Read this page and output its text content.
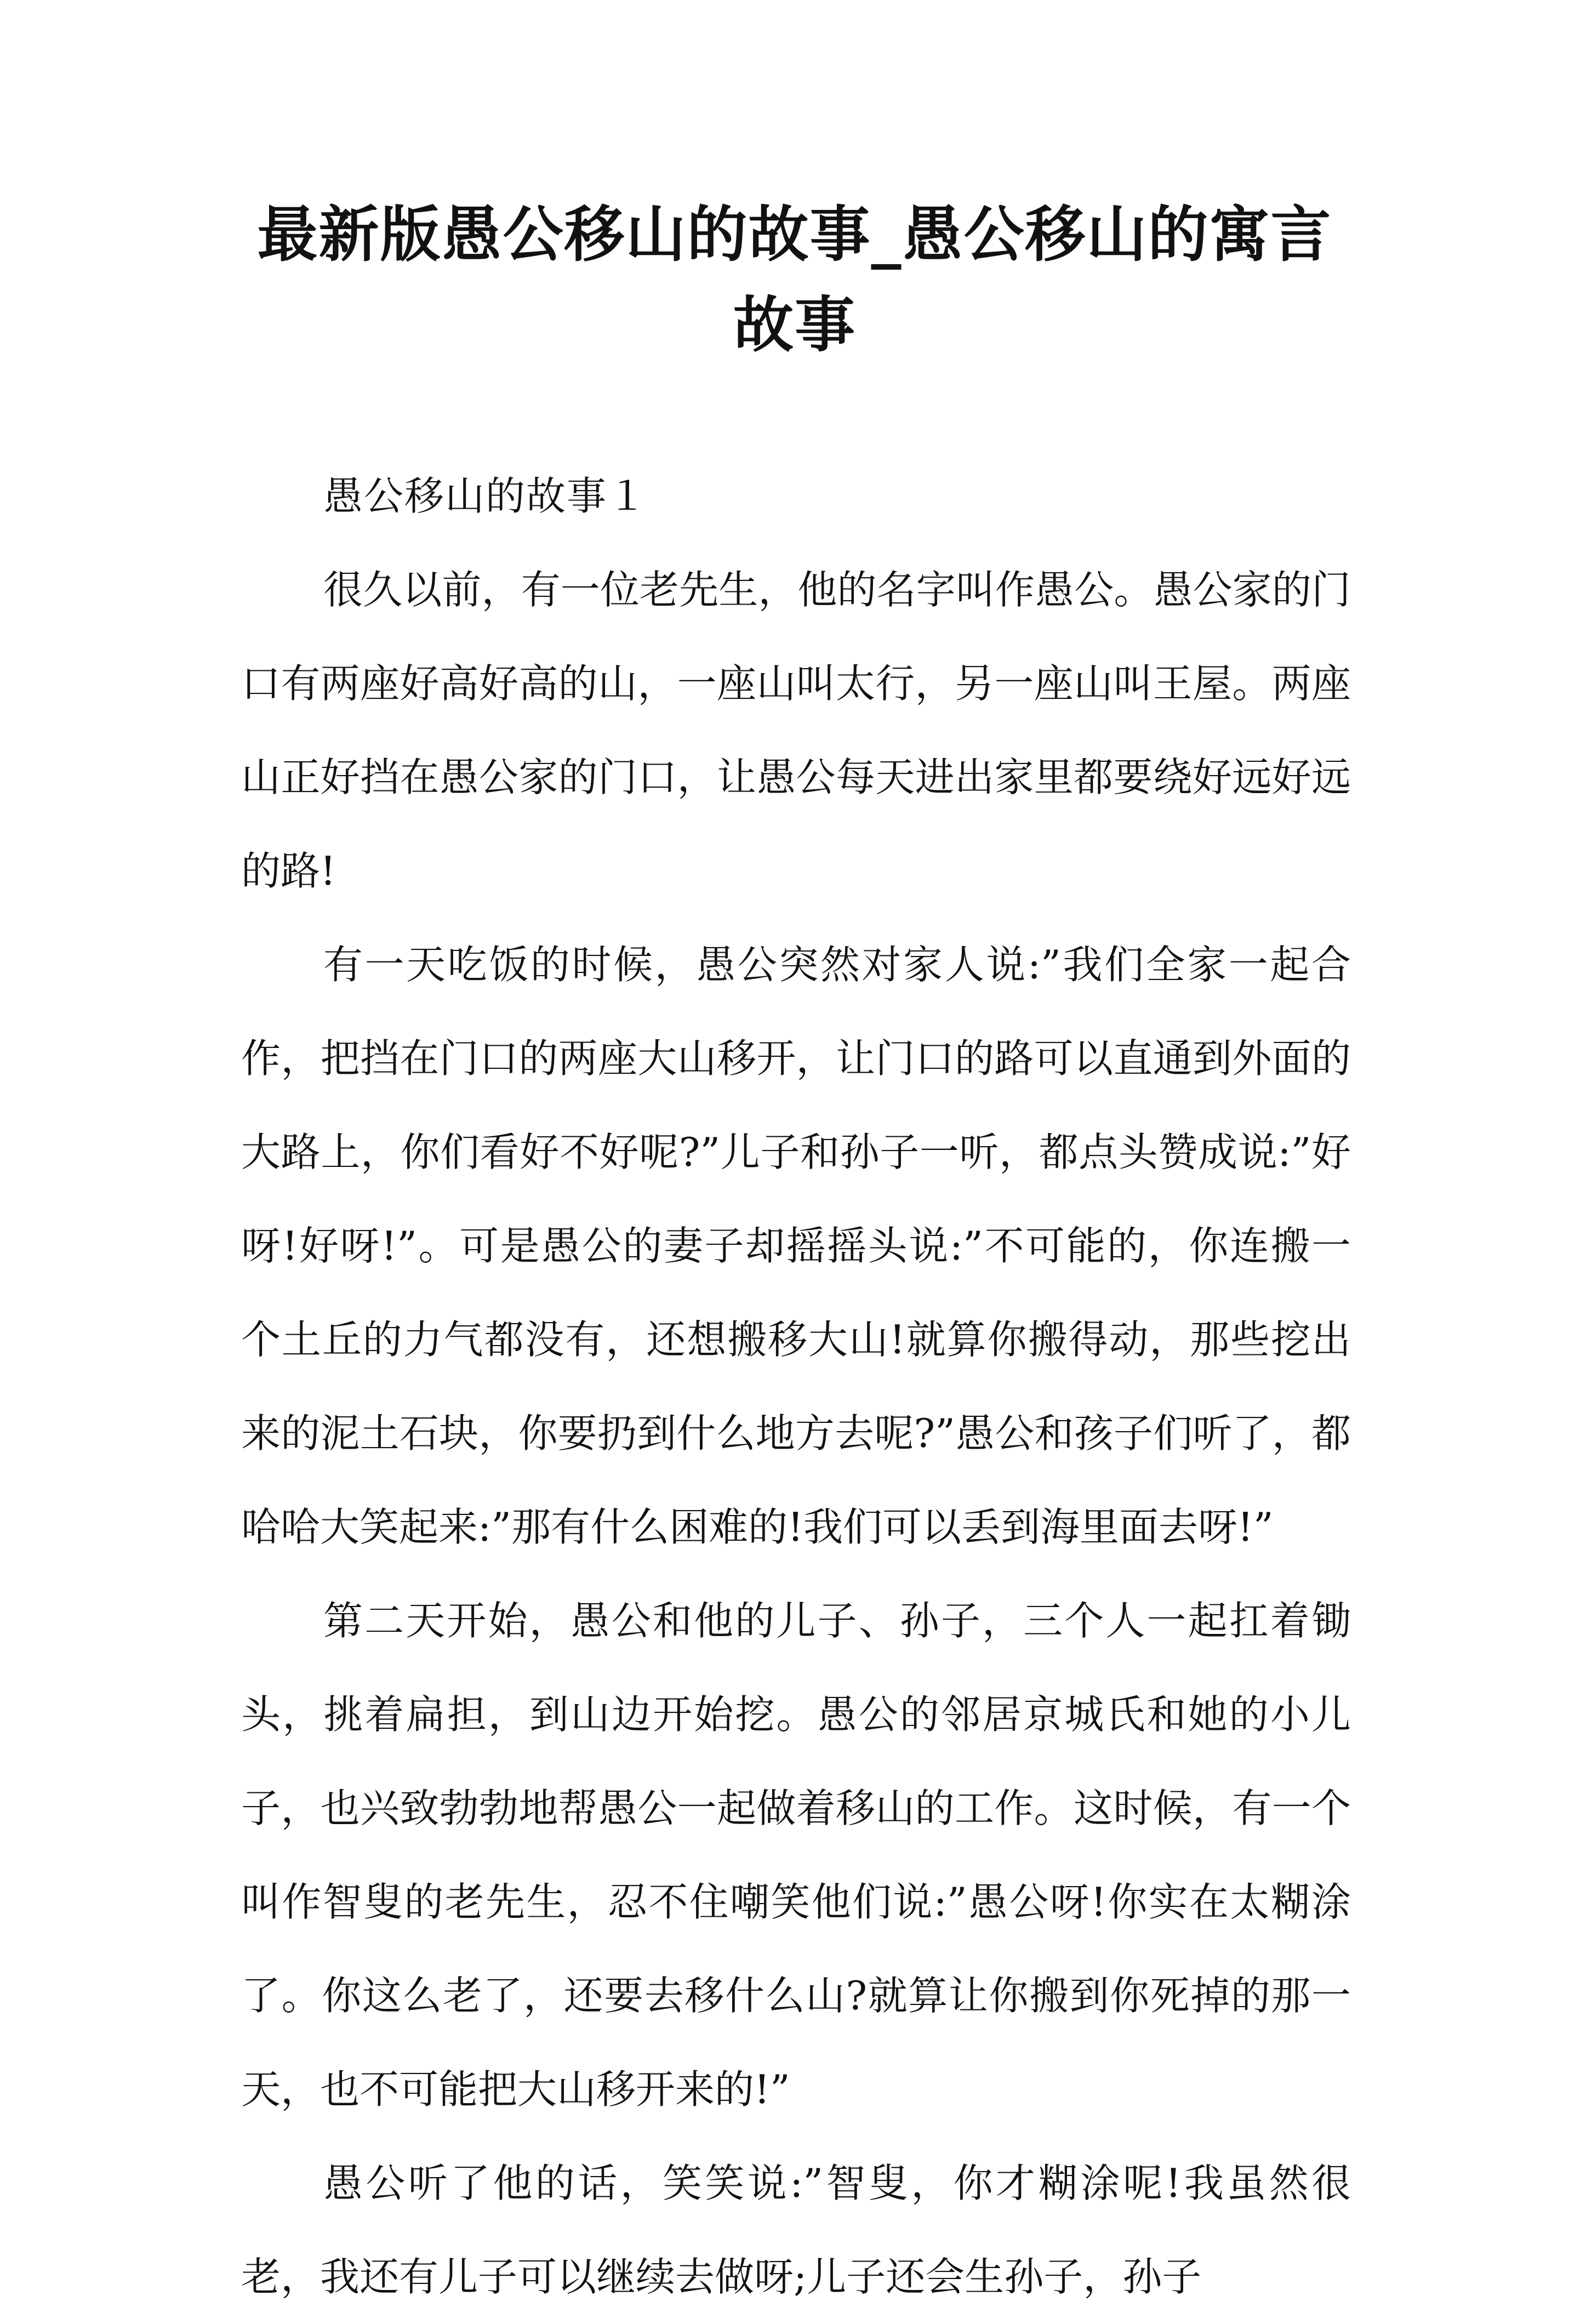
最新版愚公移山的故事_愚公移山的寓言故事

愚公移山的故事１

很久以前，有一位老先生，他的名字叫作愚公。愚公家的门口有两座好高好高的山，一座山叫太行，另一座山叫王屋。两座山正好挡在愚公家的门口，让愚公每天进出家里都要绕好远好远的路!

有一天吃饭的时候，愚公突然对家人说:”我们全家一起合作，把挡在门口的两座大山移开，让门口的路可以直通到外面的大路上，你们看好不好呢?”儿子和孙子一听，都点头赞成说:”好呀!好呀!”。可是愚公的妻子却摇摇头说:”不可能的，你连搬一个土丘的力气都没有，还想搬移大山!就算你搬得动，那些挖出来的泥土石块，你要扔到什么地方去呢?”愚公和孩子们听了，都哈哈大笑起来:”那有什么困难的!我们可以丢到海里面去呀!”

第二天开始，愚公和他的儿子、孙子，三个人一起扛着锄头，挑着扁担，到山边开始挖。愚公的邻居京城氏和她的小儿子，也兴致勃勃地帮愚公一起做着移山的工作。这时候，有一个叫作智叟的老先生，忍不住嘲笑他们说:”愚公呀!你实在太糊涂了。你这么老了，还要去移什么山?就算让你搬到你死掉的那一天，也不可能把大山移开来的!”

愚公听了他的话，笑笑说:”智叟，你才糊涂呢!我虽然很老，我还有儿子可以继续去做呀;儿子还会生孙子，孙子
